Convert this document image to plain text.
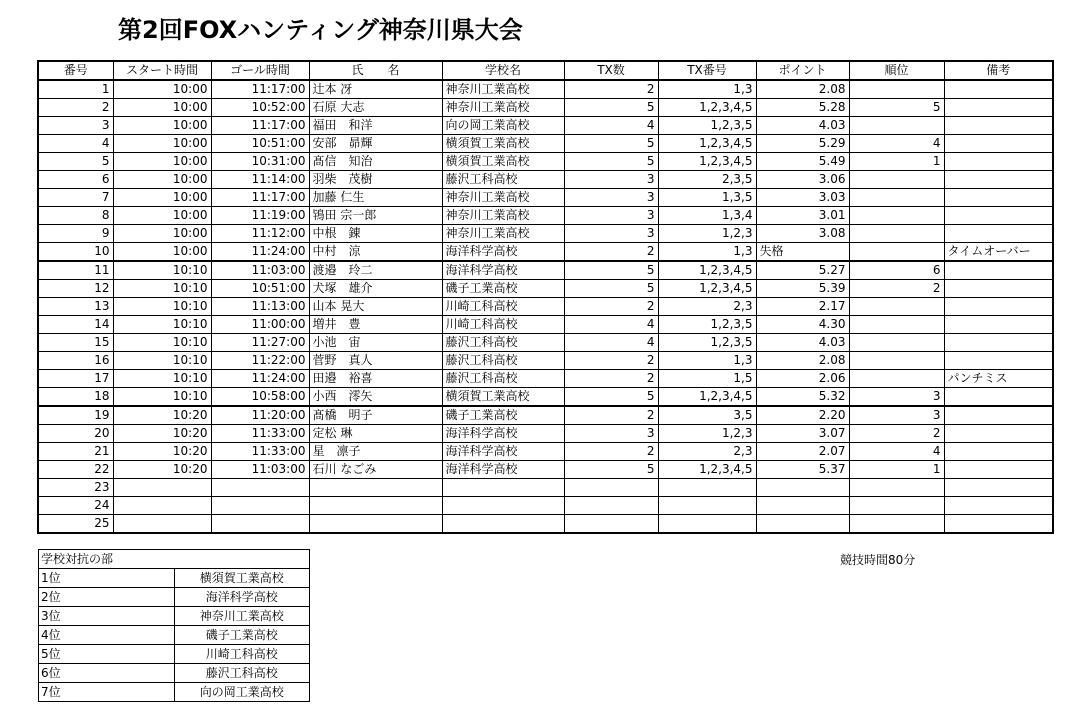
第2回FOXハンティング神奈川県大会
番号	スタート時間	ゴール時間	氏　　名	学校名	TX数	TX番号	ポイント	順位	備考
1	10:00	11:17:00	辻本 冴	神奈川工業高校	2	1,3	2.08		
2	10:00	10:52:00	石原 大志	神奈川工業高校	5	1,2,3,4,5	5.28	5	
3	10:00	11:17:00	福田　和洋	向の岡工業高校	4	1,2,3,5	4.03		
4	10:00	10:51:00	安部　昴輝	横須賀工業高校	5	1,2,3,4,5	5.29	4	
5	10:00	10:31:00	髙信　知治	横須賀工業高校	5	1,2,3,4,5	5.49	1	
6	10:00	11:14:00	羽柴　茂樹	藤沢工科高校	3	2,3,5	3.06		
7	10:00	11:17:00	加藤 仁生	神奈川工業高校	3	1,3,5	3.03		
8	10:00	11:19:00	鴇田 宗一郎	神奈川工業高校	3	1,3,4	3.01		
9	10:00	11:12:00	中根　錬	神奈川工業高校	3	1,2,3	3.08		
10	10:00	11:24:00	中村　涼	海洋科学高校	2	1,3	失格		タイムオーバー
11	10:10	11:03:00	渡邉　玲二	海洋科学高校	5	1,2,3,4,5	5.27	6	
12	10:10	10:51:00	犬塚　雄介	磯子工業高校	5	1,2,3,4,5	5.39	2	
13	10:10	11:13:00	山本 晃大	川崎工科高校	2	2,3	2.17		
14	10:10	11:00:00	増井　豊	川崎工科高校	4	1,2,3,5	4.30		
15	10:10	11:27:00	小池　宙	藤沢工科高校	4	1,2,3,5	4.03		
16	10:10	11:22:00	菅野　真人	藤沢工科高校	2	1,3	2.08		
17	10:10	11:24:00	田邉　裕喜	藤沢工科高校	2	1,5	2.06		パンチミス
18	10:10	10:58:00	小西　澪矢	横須賀工業高校	5	1,2,3,4,5	5.32	3	
19	10:20	11:20:00	髙橋　明子	磯子工業高校	2	3,5	2.20	3	
20	10:20	11:33:00	定松 琳	海洋科学高校	3	1,2,3	3.07	2	
21	10:20	11:33:00	星　凛子	海洋科学高校	2	2,3	2.07	4	
22	10:20	11:03:00	石川 なごみ	海洋科学高校	5	1,2,3,4,5	5.37	1	
23									
24									
25									
学校対抗の部	
1位	横須賀工業高校
2位	海洋科学高校
3位	神奈川工業高校
4位	磯子工業高校
5位	川崎工科高校
6位	藤沢工科高校
7位	向の岡工業高校
競技時間80分
